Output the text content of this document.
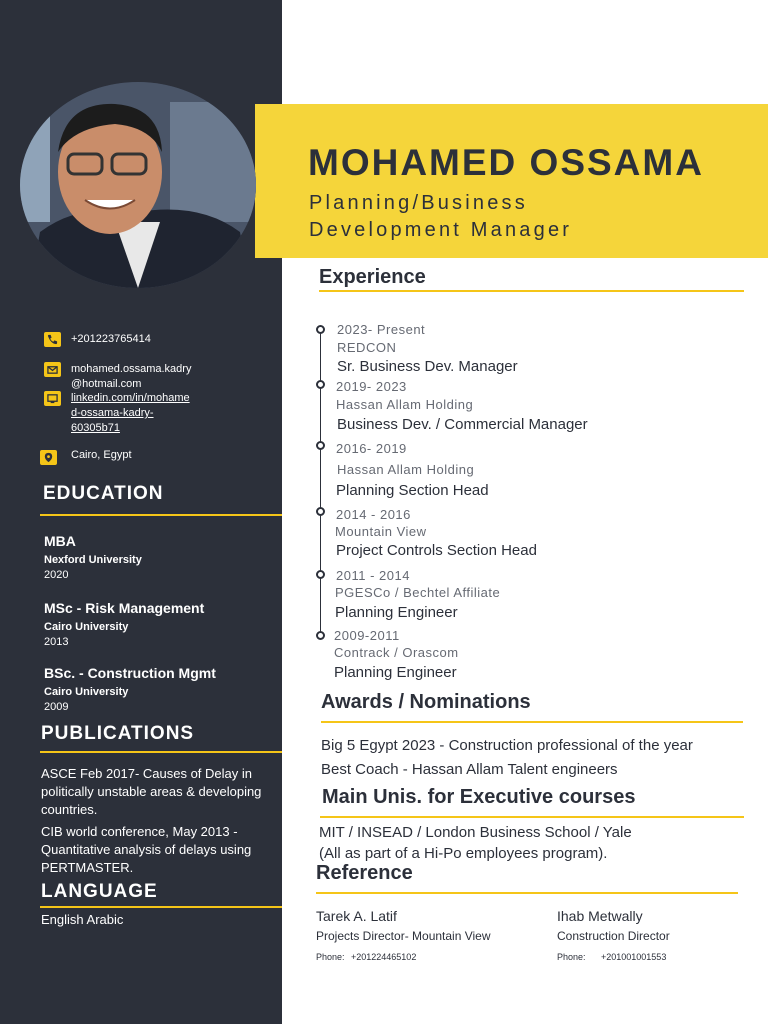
MOHAMED OSSAMA
Planning/Business
Development Manager
+201223765414
mohamed.ossama.kadry
@hotmail.com
linkedin.com/in/mohame
d-ossama-kadry-
60305b71
Cairo, Egypt
EDUCATION
MBA
Nexford University
2020
MSc - Risk Management
Cairo University
2013
BSc. - Construction Mgmt
Cairo University
2009
PUBLICATIONS
ASCE Feb 2017- Causes of Delay in politically unstable areas & developing countries.
CIB world conference, May 2013 - Quantitative analysis of delays using PERTMASTER.
LANGUAGE
English Arabic
Experience
2023- Present
REDCON
Sr. Business Dev. Manager
2019- 2023
Hassan Allam Holding
Business Dev. / Commercial Manager
2016- 2019
Hassan Allam Holding
Planning Section Head
2014 - 2016
Mountain View
Project Controls Section Head
2011 - 2014
PGESCo / Bechtel Affiliate
Planning Engineer
2009-2011
Contrack / Orascom
Planning Engineer
Awards / Nominations
Big 5 Egypt 2023 - Construction professional of the year
Best Coach - Hassan Allam Talent engineers
Main Unis. for Executive courses
MIT / INSEAD / London Business School / Yale
(All as part of a Hi-Po employees program).
Reference
Tarek A. Latif
Projects Director- Mountain View
Phone: +201224465102
Ihab Metwally
Construction Director
Phone: +201001001553
